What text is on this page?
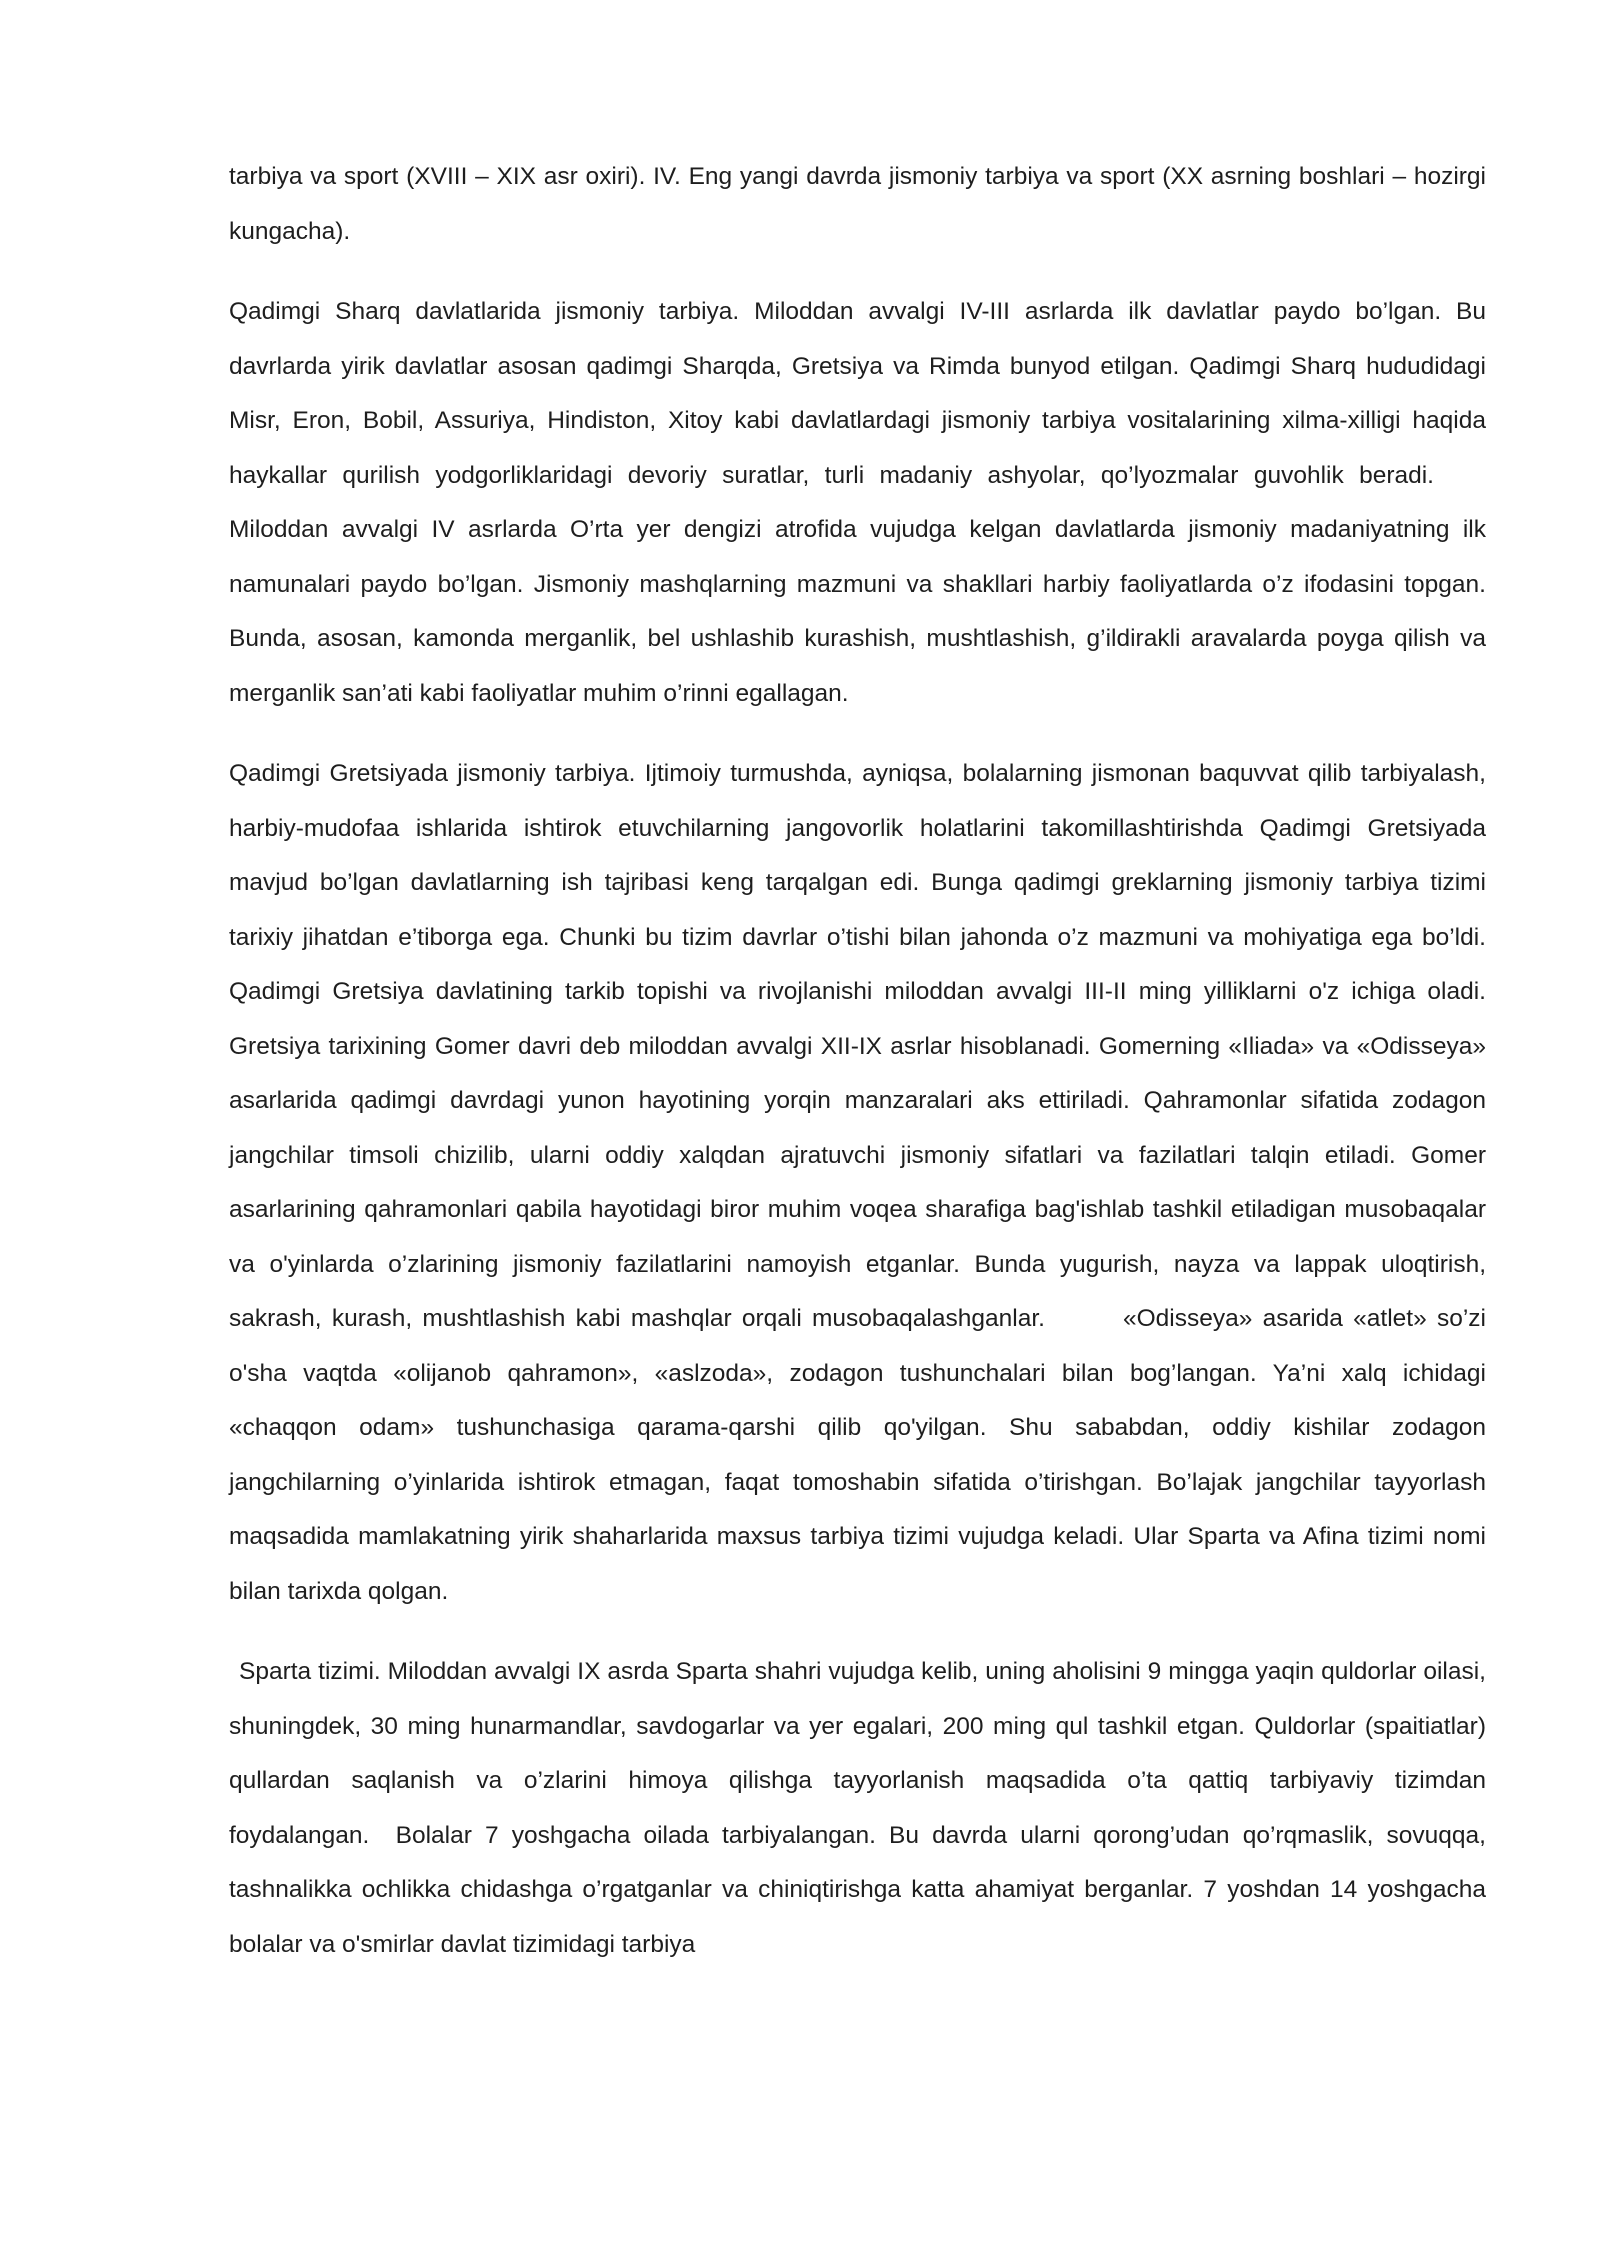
tarbiya va sport (XVIII – XIX asr oxiri). IV. Eng yangi davrda jismoniy tarbiya va sport (XX asrning boshlari – hozirgi kungacha).

Qadimgi Sharq davlatlarida jismoniy tarbiya. Miloddan avvalgi IV-III asrlarda ilk davlatlar paydo bo’lgan. Bu davrlarda yirik davlatlar asosan qadimgi Sharqda, Gretsiya va Rimda bunyod etilgan. Qadimgi Sharq hududidagi Misr, Eron, Bobil, Assuriya, Hindiston, Xitoy kabi davlatlardagi jismoniy tarbiya vositalarining xilma-xilligi haqida haykallar qurilish yodgorliklaridagi devoriy suratlar, turli madaniy ashyolar, qo’lyozmalar guvohlik beradi.Miloddan avvalgi IV asrlarda O’rta yer dengizi atrofida vujudga kelgan davlatlarda jismoniy madaniyatning ilk namunalari paydo bo’lgan. Jismoniy mashqlarning mazmuni va shakllari harbiy faoliyatlarda o’z ifodasini topgan. Bunda, asosan, kamonda merganlik, bel ushlashib kurashish, mushtlashish, g’ildirakli aravalarda poyga qilish va merganlik san’ati kabi faoliyatlar muhim o’rinni egallagan.

Qadimgi Gretsiyada jismoniy tarbiya. Ijtimoiy turmushda, ayniqsa, bolalarning jismonan baquvvat qilib tarbiyalash, harbiy-mudofaa ishlarida ishtirok etuvchilarning jangovorlik holatlarini takomillashtirishda Qadimgi Gretsiyada mavjud bo’lgan davlatlarning ish tajribasi keng tarqalgan edi. Bunga qadimgi greklarning jismoniy tarbiya tizimi tarixiy jihatdan e’tiborga ega. Chunki bu tizim davrlar o’tishi bilan jahonda o’z mazmuni va mohiyatiga ega bo’ldi. Qadimgi Gretsiya davlatining tarkib topishi va rivojlanishi miloddan avvalgi III-II ming yilliklarni o'z ichiga oladi. Gretsiya tarixining Gomer davri deb miloddan avvalgi XII-IX asrlar hisoblanadi. Gomerning «Iliada» va «Odisseya» asarlarida qadimgi davrdagi yunon hayotining yorqin manzaralari aks ettiriladi. Qahramonlar sifatida zodagon jangchilar timsoli chizilib, ularni oddiy xalqdan ajratuvchi jismoniy sifatlari va fazilatlari talqin etiladi. Gomer asarlarining qahramonlari qabila hayotidagi biror muhim voqea sharafiga bag'ishlab tashkil etiladigan musobaqalar va o'yinlarda o’zlarining jismoniy fazilatlarini namoyish etganlar. Bunda yugurish, nayza va lappak uloqtirish, sakrash, kurash, mushtlashish kabi mashqlar orqali musobaqalashganlar.	«Odisseya» asarida «atlet» so’zi o'sha vaqtda «olijanob qahramon», «aslzoda», zodagon tushunchalari bilan bog’langan. Ya’ni xalq ichidagi «chaqqon odam» tushunchasiga qarama-qarshi qilib qo'yilgan. Shu sababdan, oddiy kishilar zodagon jangchilarning o’yinlarida ishtirok etmagan, faqat tomoshabin sifatida o’tirishgan. Bo’lajak jangchilar tayyorlash maqsadida mamlakatning yirik shaharlarida maxsus tarbiya tizimi vujudga keladi. Ular Sparta va Afina tizimi nomi bilan tarixda qolgan.

Sparta tizimi. Miloddan avvalgi IX asrda Sparta shahri vujudga kelib, uning aholisini 9 mingga yaqin quldorlar oilasi, shuningdek, 30 ming hunarmandlar, savdogarlar va yer egalari, 200 ming qul tashkil etgan. Quldorlar (spaitiatlar) qullardan saqlanish va o’zlarini himoya qilishga tayyorlanish maqsadida o’ta qattiq tarbiyaviy tizimdan foydalangan. Bolalar 7 yoshgacha oilada tarbiyalangan. Bu davrda ularni qorong’udan qo’rqmaslik, sovuqqa, tashnalikka ochlikka chidashga o’rgatganlar va chiniqtirishga katta ahamiyat berganlar. 7 yoshdan 14 yoshgacha bolalar va o'smirlar davlat tizimidagi tarbiya
